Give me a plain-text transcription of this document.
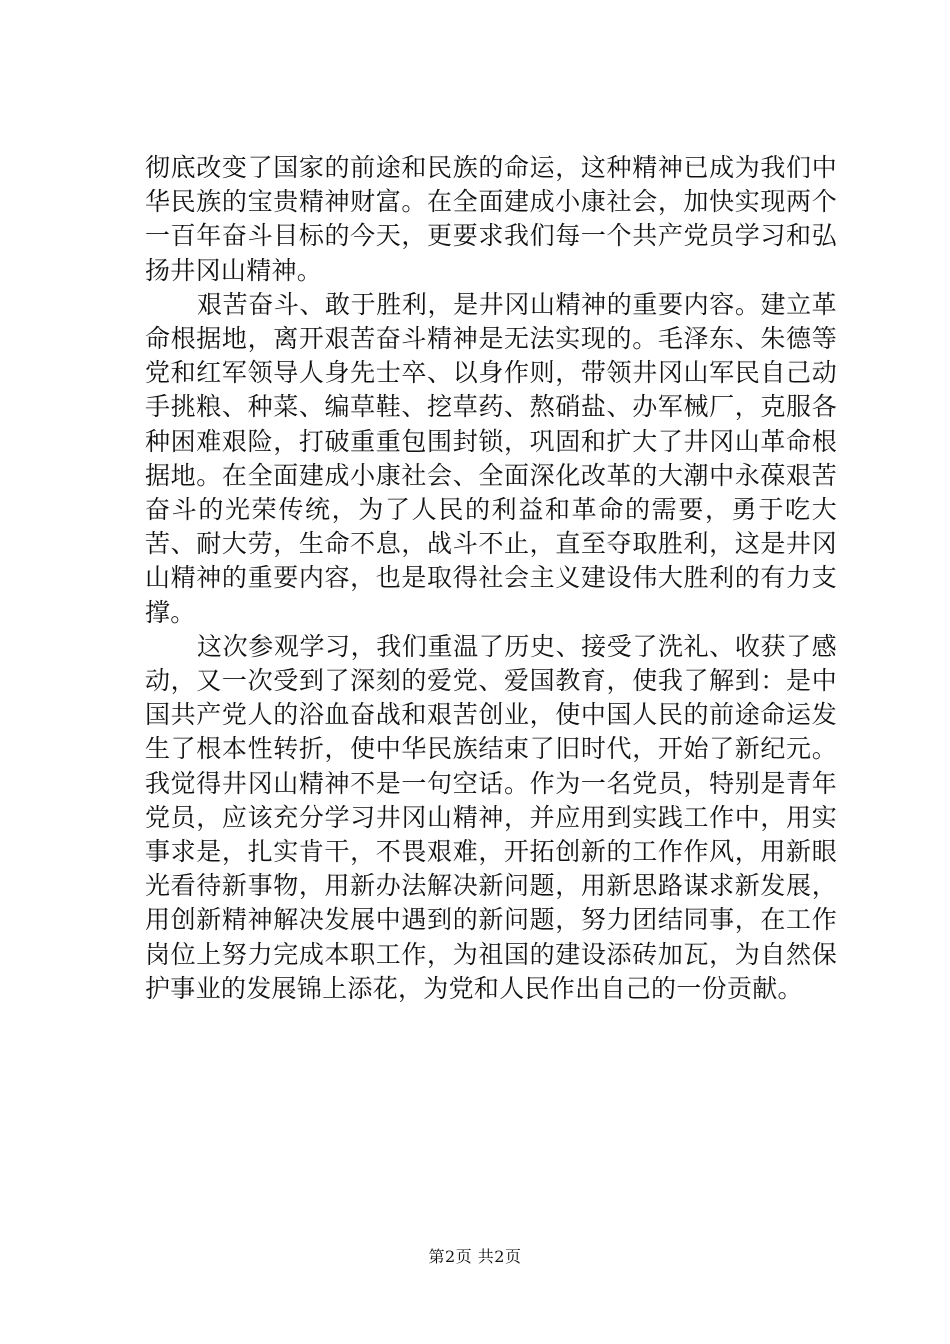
彻底改变了国家的前途和民族的命运，这种精神已成为我们中华民族的宝贵精神财富。在全面建成小康社会，加快实现两个一百年奋斗目标的今天，更要求我们每一个共产党员学习和弘扬井冈山精神。

艰苦奋斗、敢于胜利，是井冈山精神的重要内容。建立革命根据地，离开艰苦奋斗精神是无法实现的。毛泽东、朱德等党和红军领导人身先士卒、以身作则，带领井冈山军民自己动手挑粮、种菜、编草鞋、挖草药、熬硝盐、办军械厂，克服各种困难艰险，打破重重包围封锁，巩固和扩大了井冈山革命根据地。在全面建成小康社会、全面深化改革的大潮中永葆艰苦奋斗的光荣传统，为了人民的利益和革命的需要，勇于吃大苦、耐大劳，生命不息，战斗不止，直至夺取胜利，这是井冈山精神的重要内容，也是取得社会主义建设伟大胜利的有力支撑。

这次参观学习，我们重温了历史、接受了洗礼、收获了感动，又一次受到了深刻的爱党、爱国教育，使我了解到：是中国共产党人的浴血奋战和艰苦创业，使中国人民的前途命运发生了根本性转折，使中华民族结束了旧时代，开始了新纪元。我觉得井冈山精神不是一句空话。作为一名党员，特别是青年党员，应该充分学习井冈山精神，并应用到实践工作中，用实事求是，扎实肯干，不畏艰难，开拓创新的工作作风，用新眼光看待新事物，用新办法解决新问题，用新思路谋求新发展，用创新精神解决发展中遇到的新问题，努力团结同事，在工作岗位上努力完成本职工作，为祖国的建设添砖加瓦，为自然保护事业的发展锦上添花，为党和人民作出自己的一份贡献。

第2页 共2页
